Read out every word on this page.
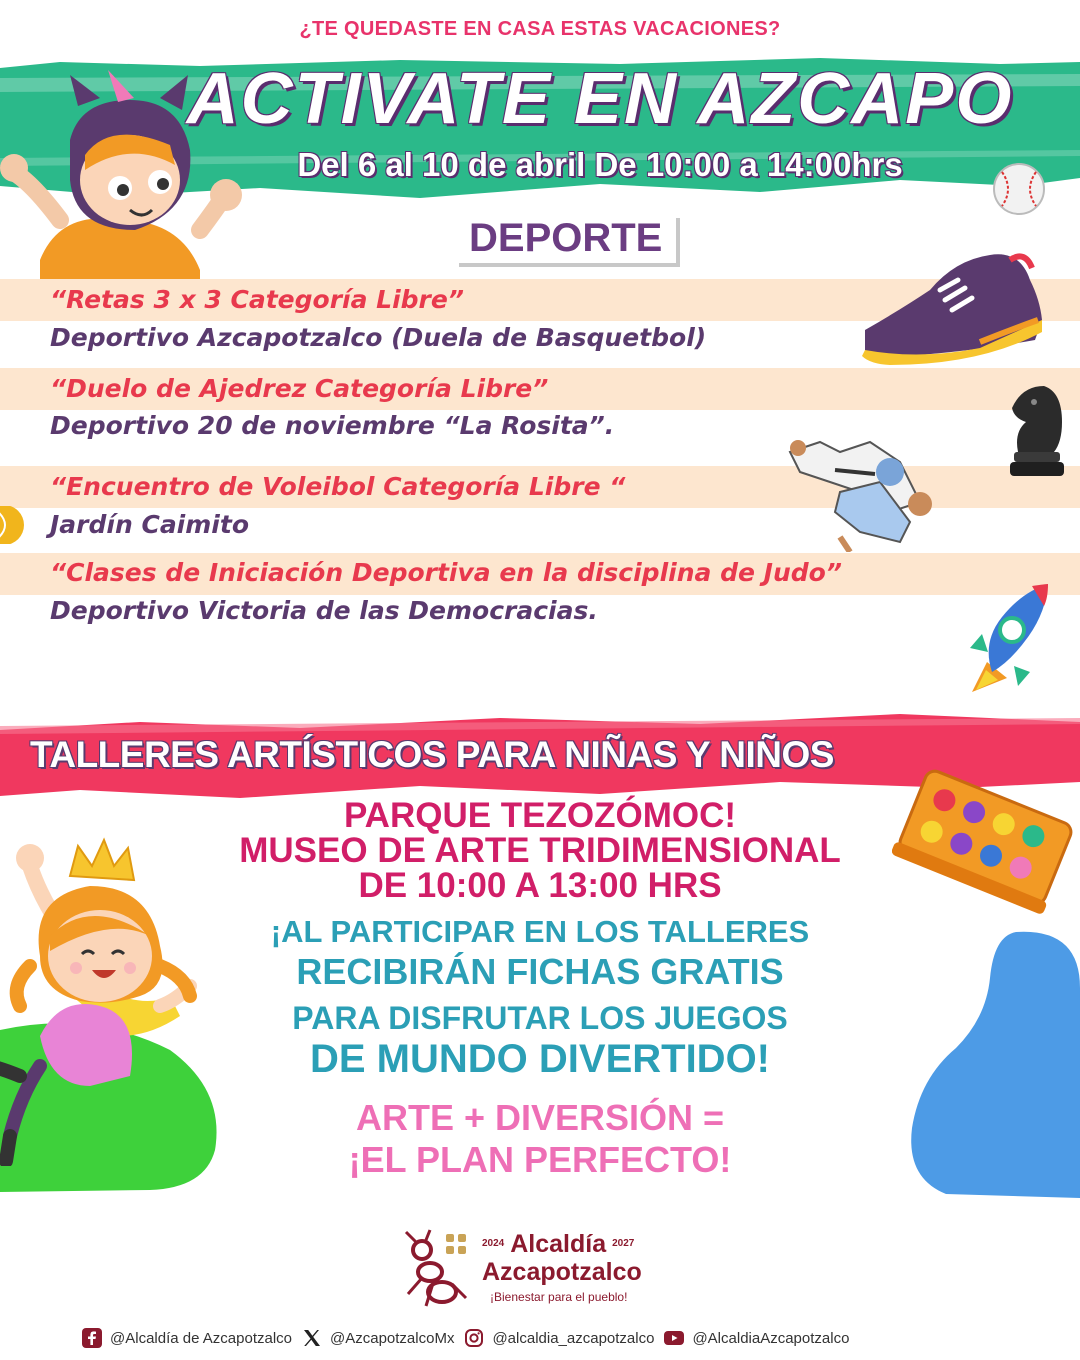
¿TE QUEDASTE EN CASA ESTAS VACACIONES?
ACTIVATE EN AZCAPO
Del 6 al 10 de abril De 10:00 a 14:00hrs
DEPORTE
“Retas 3 x 3 Categoría Libre”
Deportivo Azcapotzalco (Duela de Basquetbol)
“Duelo de Ajedrez Categoría Libre”
Deportivo 20 de noviembre “La Rosita”.
“Encuentro de Voleibol Categoría Libre “
Jardín Caimito
“Clases de Iniciación Deportiva en la disciplina de Judo”
Deportivo Victoria de las Democracias.
TALLERES ARTÍSTICOS PARA NIÑAS Y NIÑOS
PARQUE TEZOZÓMOC!
MUSEO DE ARTE TRIDIMENSIONAL
DE 10:00 A 13:00 HRS
¡AL PARTICIPAR EN LOS TALLERES
RECIBIRÁN FICHAS GRATIS
PARA DISFRUTAR LOS JUEGOS
DE MUNDO DIVERTIDO!
ARTE + DIVERSIÓN =
¡EL PLAN PERFECTO!
2024 Alcaldía 2027
Azcapotzalco
¡Bienestar para el pueblo!
@Alcaldía de Azcapotzalco	@AzcapotzalcoMx	@alcaldia_azcapotzalco	@AlcaldiaAzcapotzalco
